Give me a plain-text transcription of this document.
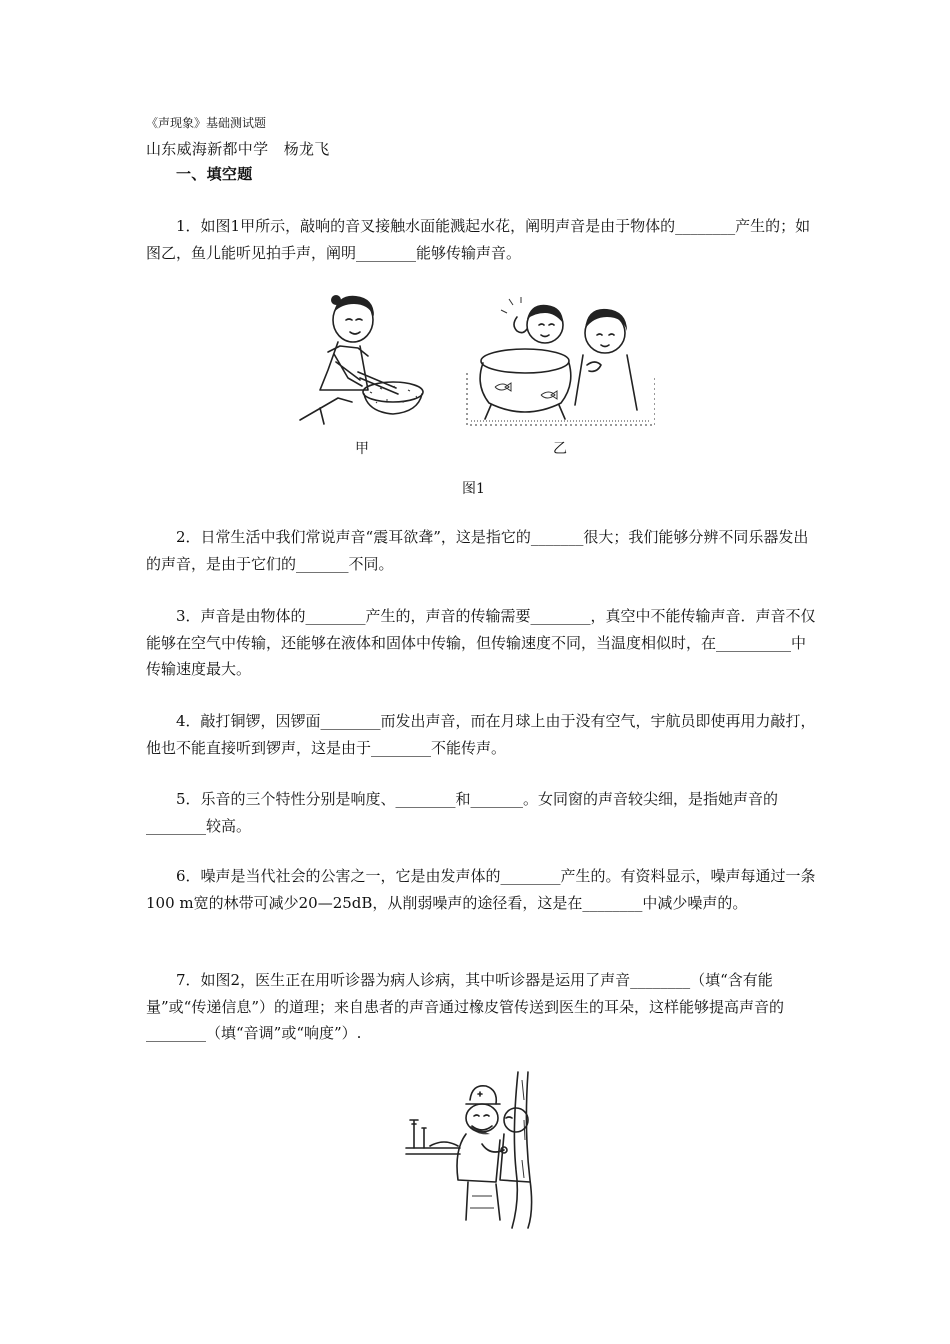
《声现象》基础测试题
山东威海新都中学　杨龙飞
一、填空题
1．如图1甲所示，敲响的音叉接触水面能溅起水花，阐明声音是由于物体的________产生的；如图乙，鱼儿能听见拍手声，阐明________能够传输声音。
甲	乙
图1
2．日常生活中我们常说声音“震耳欲聋”，这是指它的_______很大；我们能够分辨不同乐器发出的声音，是由于它们的_______不同。
3．声音是由物体的________产生的，声音的传输需要________，真空中不能传输声音．声音不仅能够在空气中传输，还能够在液体和固体中传输，但传输速度不同，当温度相似时，在__________中传输速度最大。
4．敲打铜锣，因锣面________而发出声音，而在月球上由于没有空气，宇航员即使再用力敲打，他也不能直接听到锣声，这是由于________不能传声。
5．乐音的三个特性分别是响度、________和_______。女同窗的声音较尖细，是指她声音的________较高。
6．噪声是当代社会的公害之一，它是由发声体的________产生的。有资料显示，噪声每通过一条100 m宽的林带可减少20—25dB，从削弱噪声的途径看，这是在________中减少噪声的。
7．如图2，医生正在用听诊器为病人诊病，其中听诊器是运用了声音________（填“含有能量”或“传递信息”）的道理；来自患者的声音通过橡皮管传送到医生的耳朵，这样能够提高声音的________（填“音调”或“响度”）.
